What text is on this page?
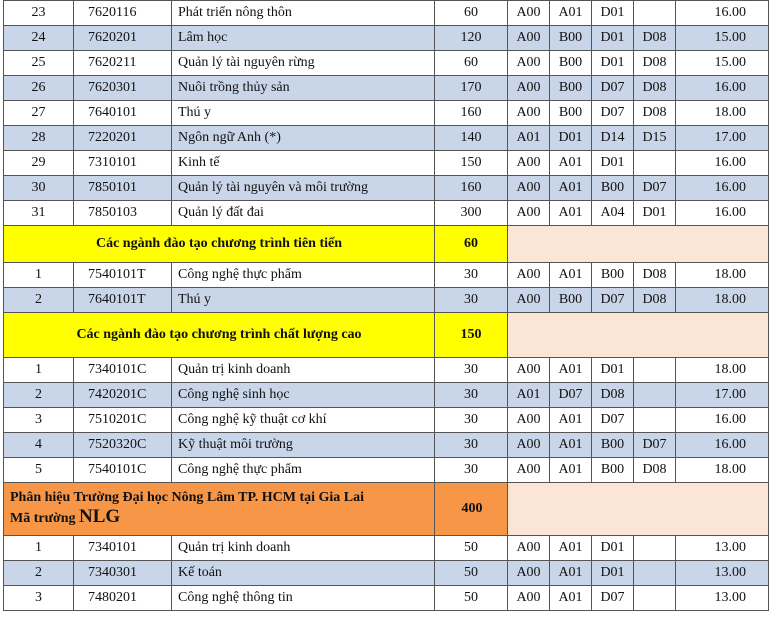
23	7620116	Phát triển nông thôn	60	A00	A01	D01		16.00
24	7620201	Lâm học	120	A00	B00	D01	D08	15.00
25	7620211	Quản lý tài nguyên rừng	60	A00	B00	D01	D08	15.00
26	7620301	Nuôi trồng thủy sản	170	A00	B00	D07	D08	16.00
27	7640101	Thú y	160	A00	B00	D07	D08	18.00
28	7220201	Ngôn ngữ Anh (*)	140	A01	D01	D14	D15	17.00
29	7310101	Kinh tế	150	A00	A01	D01		16.00
30	7850101	Quản lý tài nguyên và môi trường	160	A00	A01	B00	D07	16.00
31	7850103	Quản lý đất đai	300	A00	A01	A04	D01	16.00
Các ngành đào tạo chương trình tiên tiến			60					
1	7540101T	Công nghệ thực phẩm	30	A00	A01	B00	D08	18.00
2	7640101T	Thú y	30	A00	B00	D07	D08	18.00
Các ngành đào tạo chương trình chất lượng cao			150					
1	7340101C	Quản trị kinh doanh	30	A00	A01	D01		18.00
2	7420201C	Công nghệ sinh học	30	A01	D07	D08		17.00
3	7510201C	Công nghệ kỹ thuật cơ khí	30	A00	A01	D07		16.00
4	7520320C	Kỹ thuật môi trường	30	A00	A01	B00	D07	16.00
5	7540101C	Công nghệ thực phẩm	30	A00	A01	B00	D08	18.00

Phân hiệu Trường Đại học Nông Lâm TP. HCM tại Gia Lai
Mã trường NLG			400					
1	7340101	Quản trị kinh doanh	50	A00	A01	D01		13.00
2	7340301	Kế toán	50	A00	A01	D01		13.00
3	7480201	Công nghệ thông tin	50	A00	A01	D07		13.00
